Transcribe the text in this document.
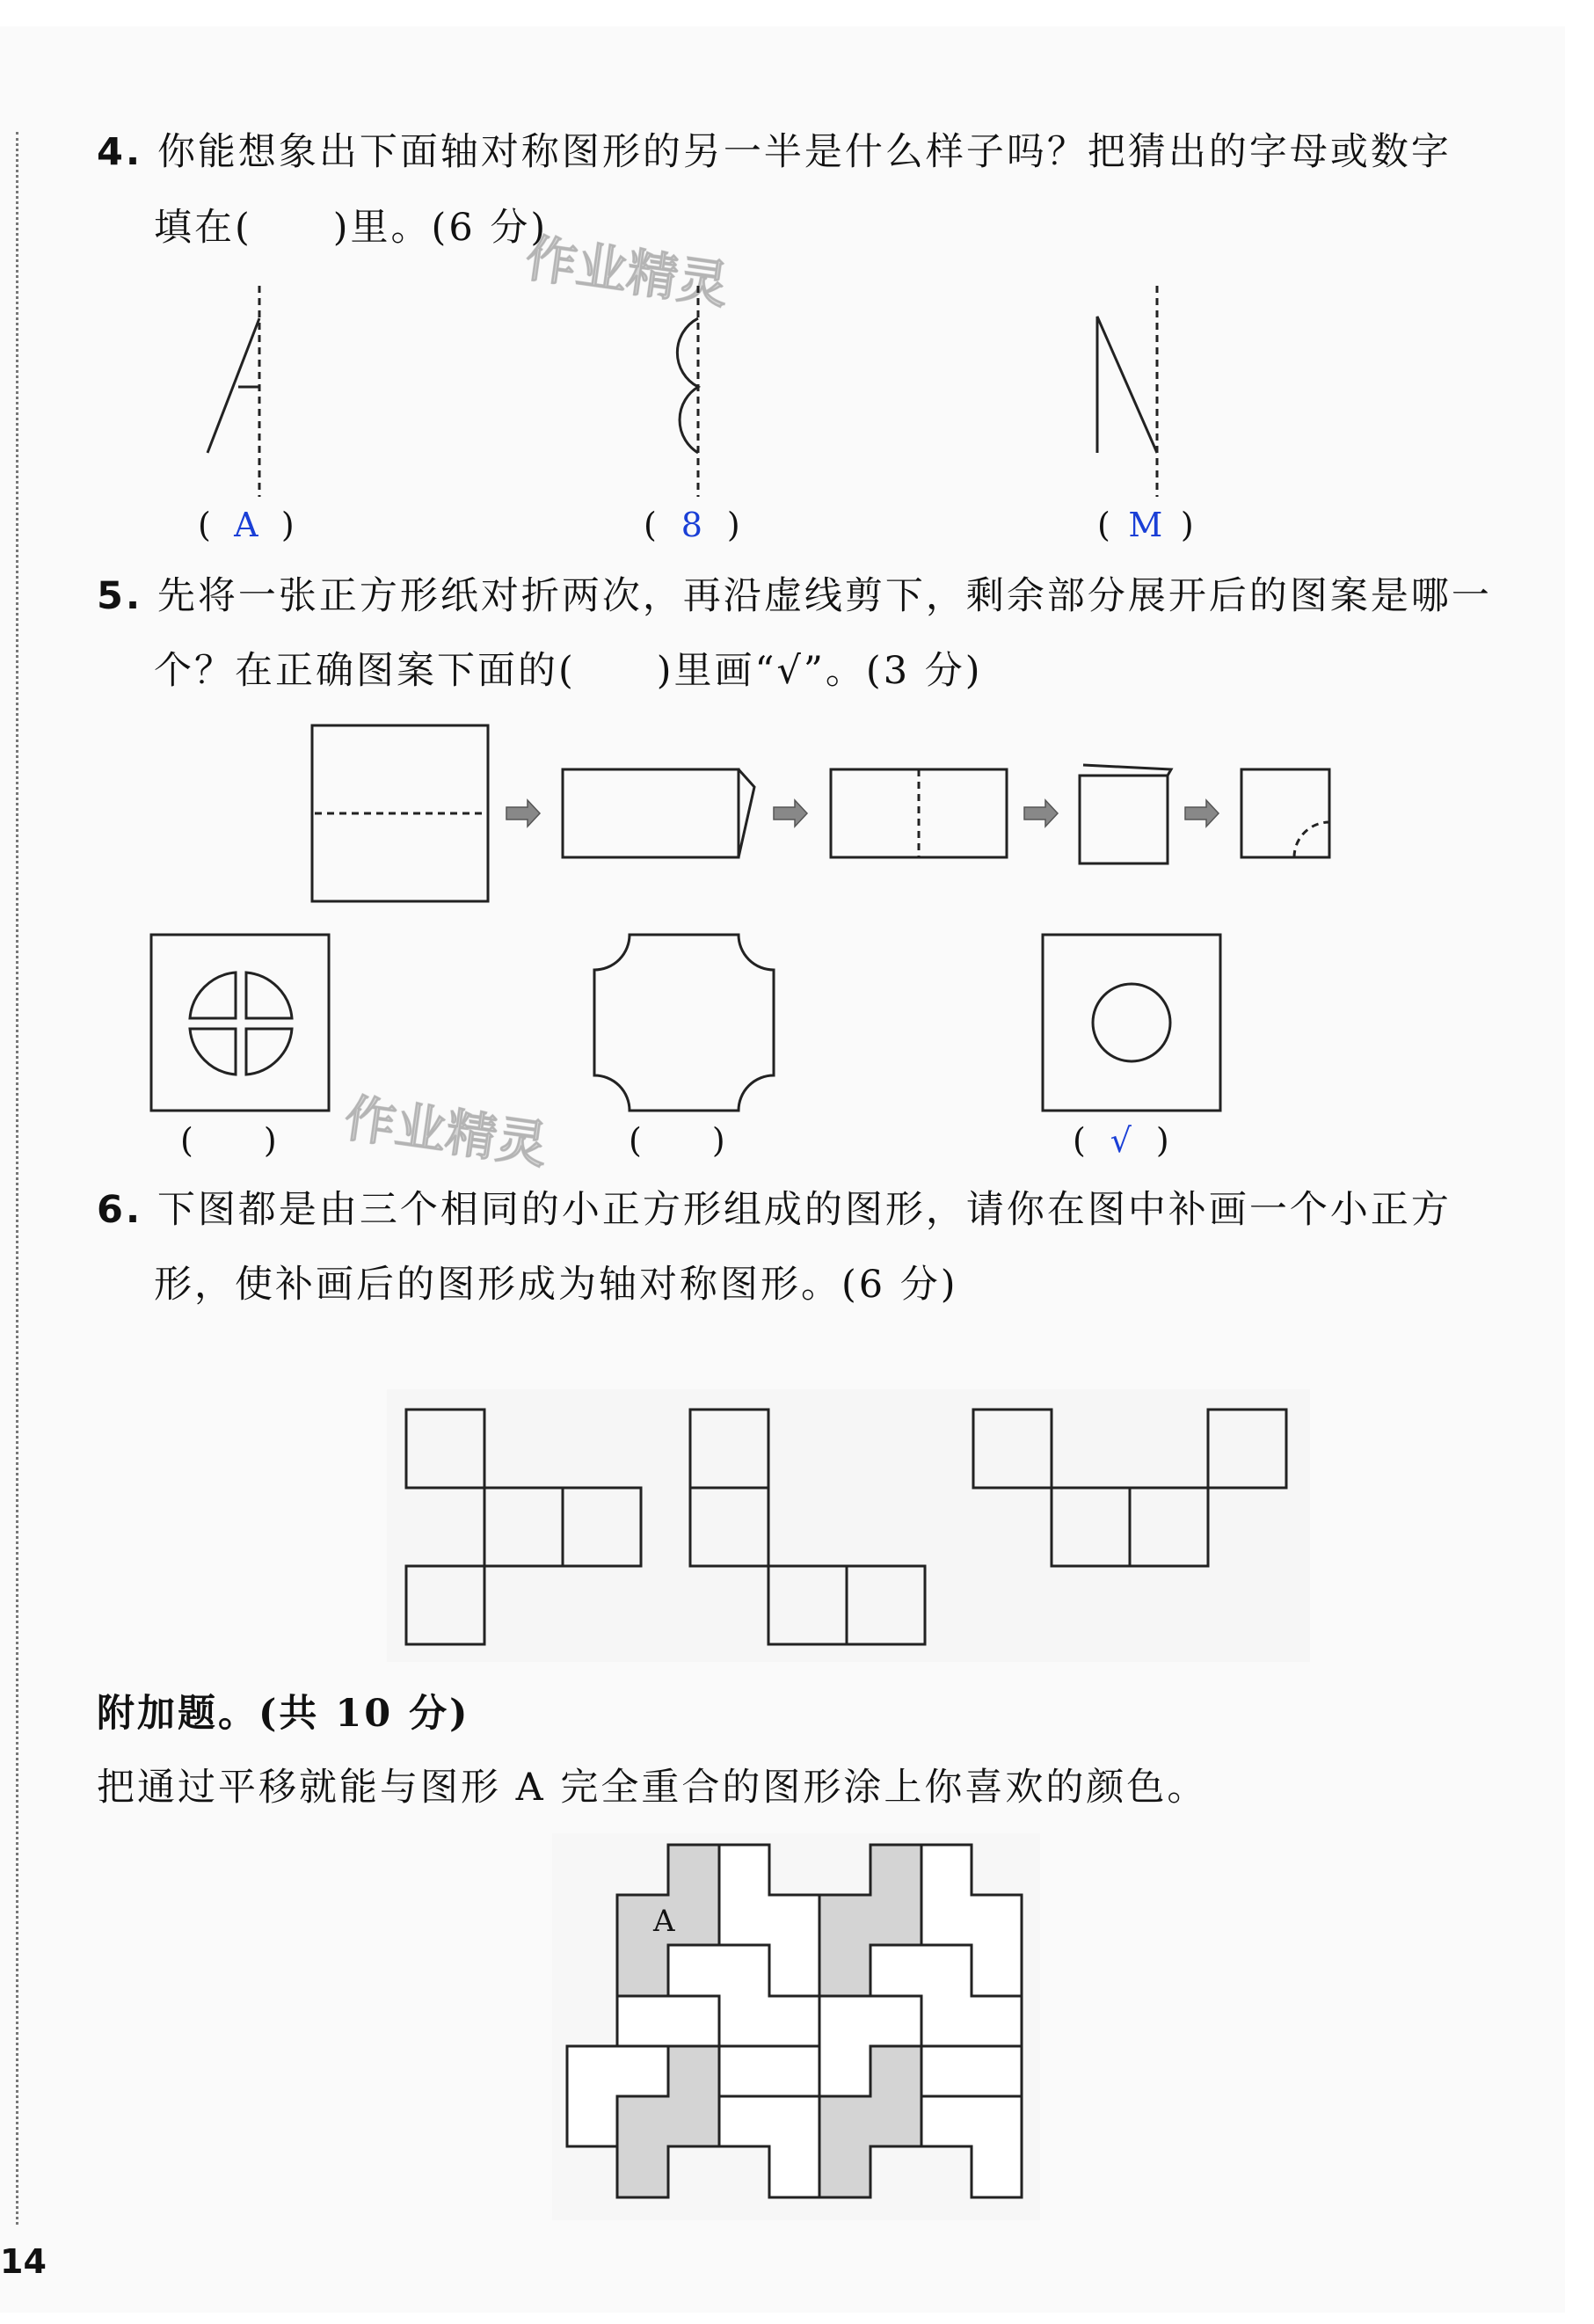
4. 你能想象出下面轴对称图形的另一半是什么样子吗？把猜出的字母或数字
填在(　　)里。(6 分)
作业精灵
( A )	( 8 )	( M )
5. 先将一张正方形纸对折两次，再沿虚线剪下，剩余部分展开后的图案是哪一
个？在正确图案下面的(　　)里画“√”。(3 分)
作业精灵
( )	( )	( √ )
6. 下图都是由三个相同的小正方形组成的图形，请你在图中补画一个小正方
形，使补画后的图形成为轴对称图形。(6 分)
附加题。(共 10 分)
把通过平移就能与图形 A 完全重合的图形涂上你喜欢的颜色。
A
14
